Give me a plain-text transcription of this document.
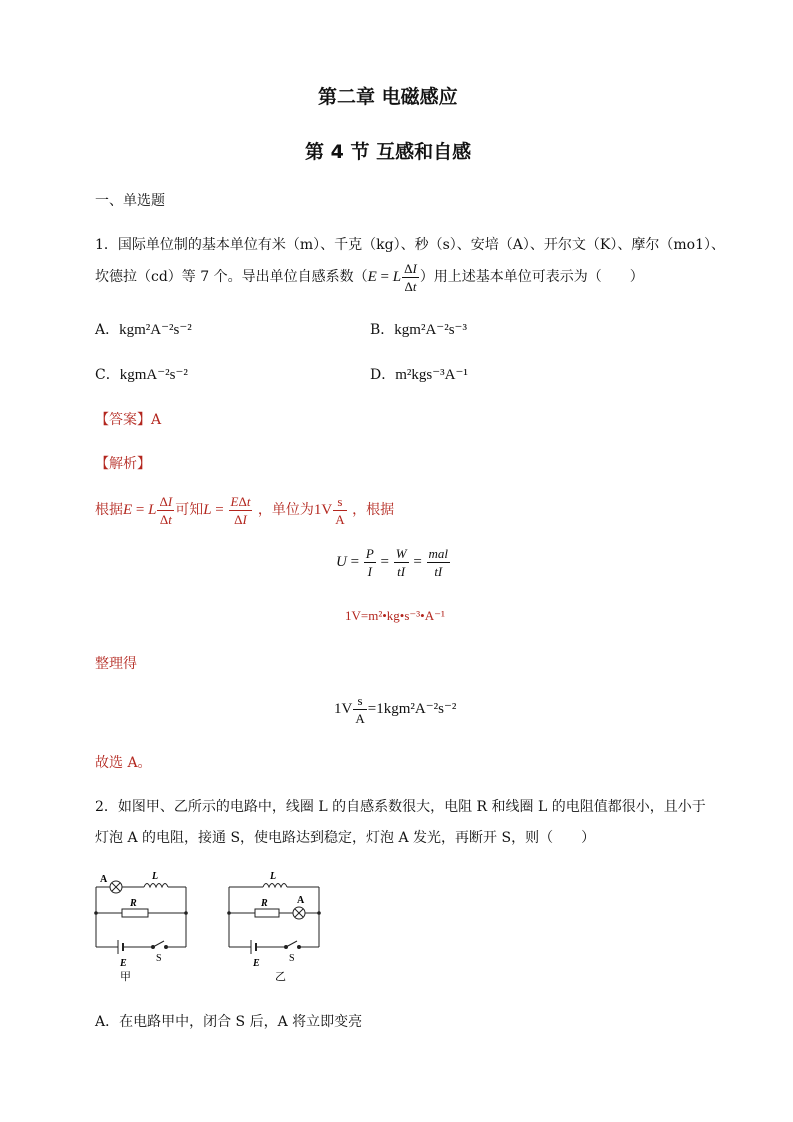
第二章 电磁感应
第 4 节 互感和自感
一、单选题
1．国际单位制的基本单位有米（m）、千克（kg）、秒（s）、安培（A）、开尔文（K）、摩尔（mo1）、
坎德拉（cd）等 7 个。导出单位自感系数（E = L $\frac{\Delta I}{\Delta t}$ ）用上述基本单位可表示为（　　）
A．kgm²A⁻²s⁻²	B．kgm²A⁻²s⁻³
C．kgmA⁻²s⁻²	D．m²kgs⁻³A⁻¹
【答案】A
【解析】
根据E = L $\frac{\Delta I}{\Delta t}$ 可知$L = \frac{\text{EΔt}}{\Delta I}$ ，单位为$1V \frac{s}{A}$ ，根据
$U = \frac{P}{I} = \frac{W}{tI} = \frac{\text{mal}}{tI}$
1V=m²•kg•s⁻³•A⁻¹
整理得
$1V \frac{s}{A} =1kgm^2A^{-2}s^{-2}$
故选 A。
2．如图甲、乙所示的电路中，线圈 L 的自感系数很大，电阻 R 和线圈 L 的电阻值都很小，且小于
灯泡 A 的电阻，接通 S，使电路达到稳定，灯泡 A 发光，再断开 S，则（　　）
A	L
R
E	S
甲
L
R	A
E	S
乙
A．在电路甲中，闭合 S 后，A 将立即变亮
